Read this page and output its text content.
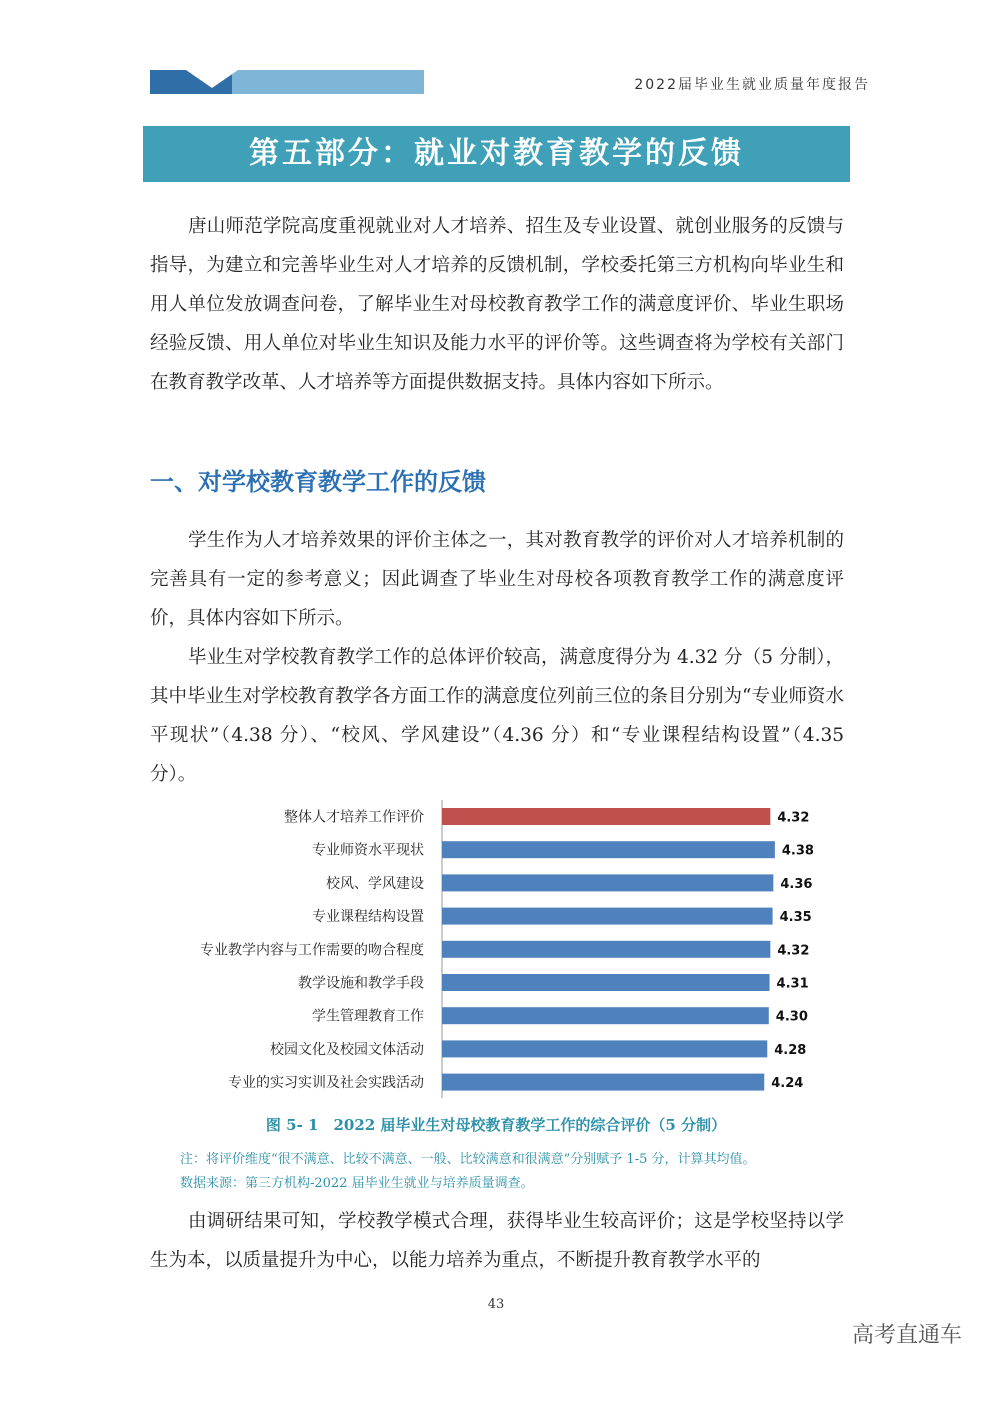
2022届毕业生就业质量年度报告
第五部分：就业对教育教学的反馈
唐山师范学院高度重视就业对人才培养、招生及专业设置、就创业服务的反馈与指导，为建立和完善毕业生对人才培养的反馈机制，学校委托第三方机构向毕业生和用人单位发放调查问卷，了解毕业生对母校教育教学工作的满意度评价、毕业生职场经验反馈、用人单位对毕业生知识及能力水平的评价等。这些调查将为学校有关部门在教育教学改革、人才培养等方面提供数据支持。具体内容如下所示。
一、对学校教育教学工作的反馈
学生作为人才培养效果的评价主体之一，其对教育教学的评价对人才培养机制的完善具有一定的参考意义；因此调查了毕业生对母校各项教育教学工作的满意度评价，具体内容如下所示。
毕业生对学校教育教学工作的总体评价较高，满意度得分为 4.32 分（5 分制），其中毕业生对学校教育教学各方面工作的满意度位列前三位的条目分别为“专业师资水平现状”（4.38 分）、“校风、学风建设”（4.36 分）和“专业课程结构设置”（4.35 分）。
整体人才培养工作评价	4.32
专业师资水平现状	4.38
校风、学风建设	4.36
专业课程结构设置	4.35
专业教学内容与工作需要的吻合程度	4.32
教学设施和教学手段	4.31
学生管理教育工作	4.30
校园文化及校园文体活动	4.28
专业的实习实训及社会实践活动	4.24
图 5- 1　2022 届毕业生对母校教育教学工作的综合评价（5 分制）
注：将评价维度“很不满意、比较不满意、一般、比较满意和很满意”分别赋予 1-5 分，计算其均值。
数据来源：第三方机构-2022 届毕业生就业与培养质量调查。
由调研结果可知，学校教学模式合理，获得毕业生较高评价；这是学校坚持以学生为本，以质量提升为中心，以能力培养为重点，不断提升教育教学水平的
43
高考直通车
